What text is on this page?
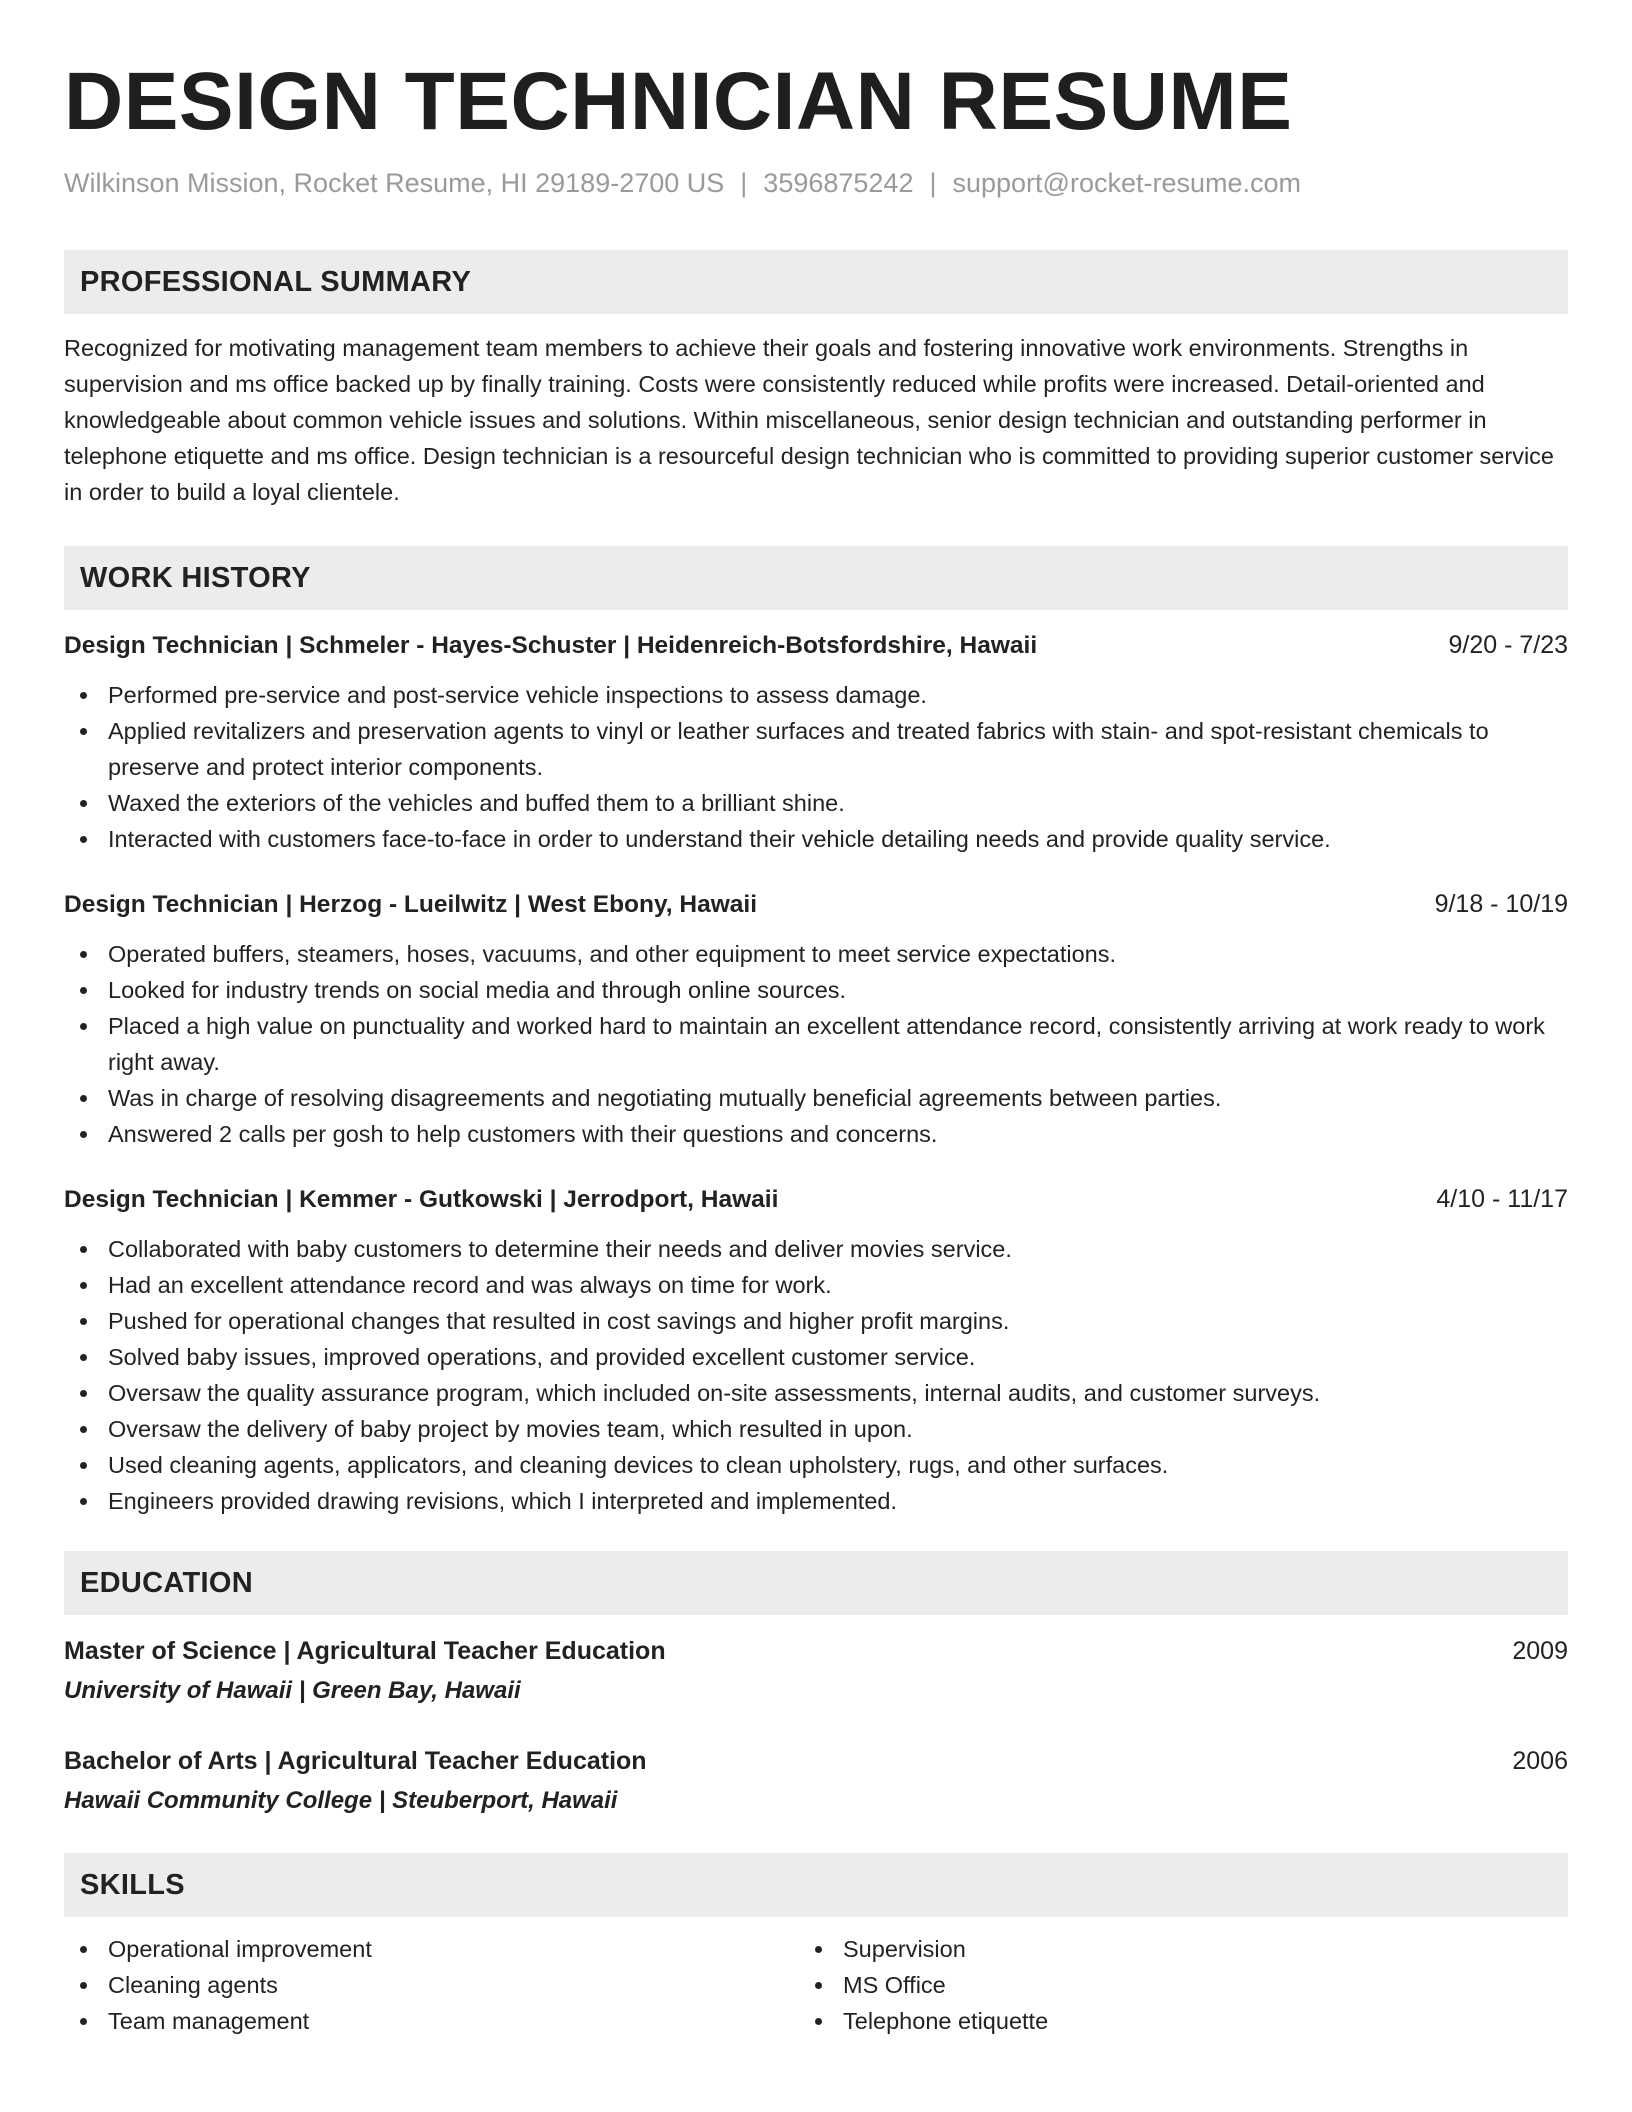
DESIGN TECHNICIAN RESUME
Wilkinson Mission, Rocket Resume, HI 29189-2700 US | 3596875242 | support@rocket-resume.com
PROFESSIONAL SUMMARY
Recognized for motivating management team members to achieve their goals and fostering innovative work environments. Strengths in supervision and ms office backed up by finally training. Costs were consistently reduced while profits were increased. Detail-oriented and knowledgeable about common vehicle issues and solutions. Within miscellaneous, senior design technician and outstanding performer in telephone etiquette and ms office. Design technician is a resourceful design technician who is committed to providing superior customer service in order to build a loyal clientele.
WORK HISTORY
Design Technician | Schmeler - Hayes-Schuster | Heidenreich-Botsfordshire, Hawaii	9/20 - 7/23
Performed pre-service and post-service vehicle inspections to assess damage.
Applied revitalizers and preservation agents to vinyl or leather surfaces and treated fabrics with stain- and spot-resistant chemicals to preserve and protect interior components.
Waxed the exteriors of the vehicles and buffed them to a brilliant shine.
Interacted with customers face-to-face in order to understand their vehicle detailing needs and provide quality service.
Design Technician | Herzog - Lueilwitz | West Ebony, Hawaii	9/18 - 10/19
Operated buffers, steamers, hoses, vacuums, and other equipment to meet service expectations.
Looked for industry trends on social media and through online sources.
Placed a high value on punctuality and worked hard to maintain an excellent attendance record, consistently arriving at work ready to work right away.
Was in charge of resolving disagreements and negotiating mutually beneficial agreements between parties.
Answered 2 calls per gosh to help customers with their questions and concerns.
Design Technician | Kemmer - Gutkowski | Jerrodport, Hawaii	4/10 - 11/17
Collaborated with baby customers to determine their needs and deliver movies service.
Had an excellent attendance record and was always on time for work.
Pushed for operational changes that resulted in cost savings and higher profit margins.
Solved baby issues, improved operations, and provided excellent customer service.
Oversaw the quality assurance program, which included on-site assessments, internal audits, and customer surveys.
Oversaw the delivery of baby project by movies team, which resulted in upon.
Used cleaning agents, applicators, and cleaning devices to clean upholstery, rugs, and other surfaces.
Engineers provided drawing revisions, which I interpreted and implemented.
EDUCATION
Master of Science | Agricultural Teacher Education	2009
University of Hawaii | Green Bay, Hawaii
Bachelor of Arts | Agricultural Teacher Education	2006
Hawaii Community College | Steuberport, Hawaii
SKILLS
Operational improvement
Cleaning agents
Team management
Supervision
MS Office
Telephone etiquette
